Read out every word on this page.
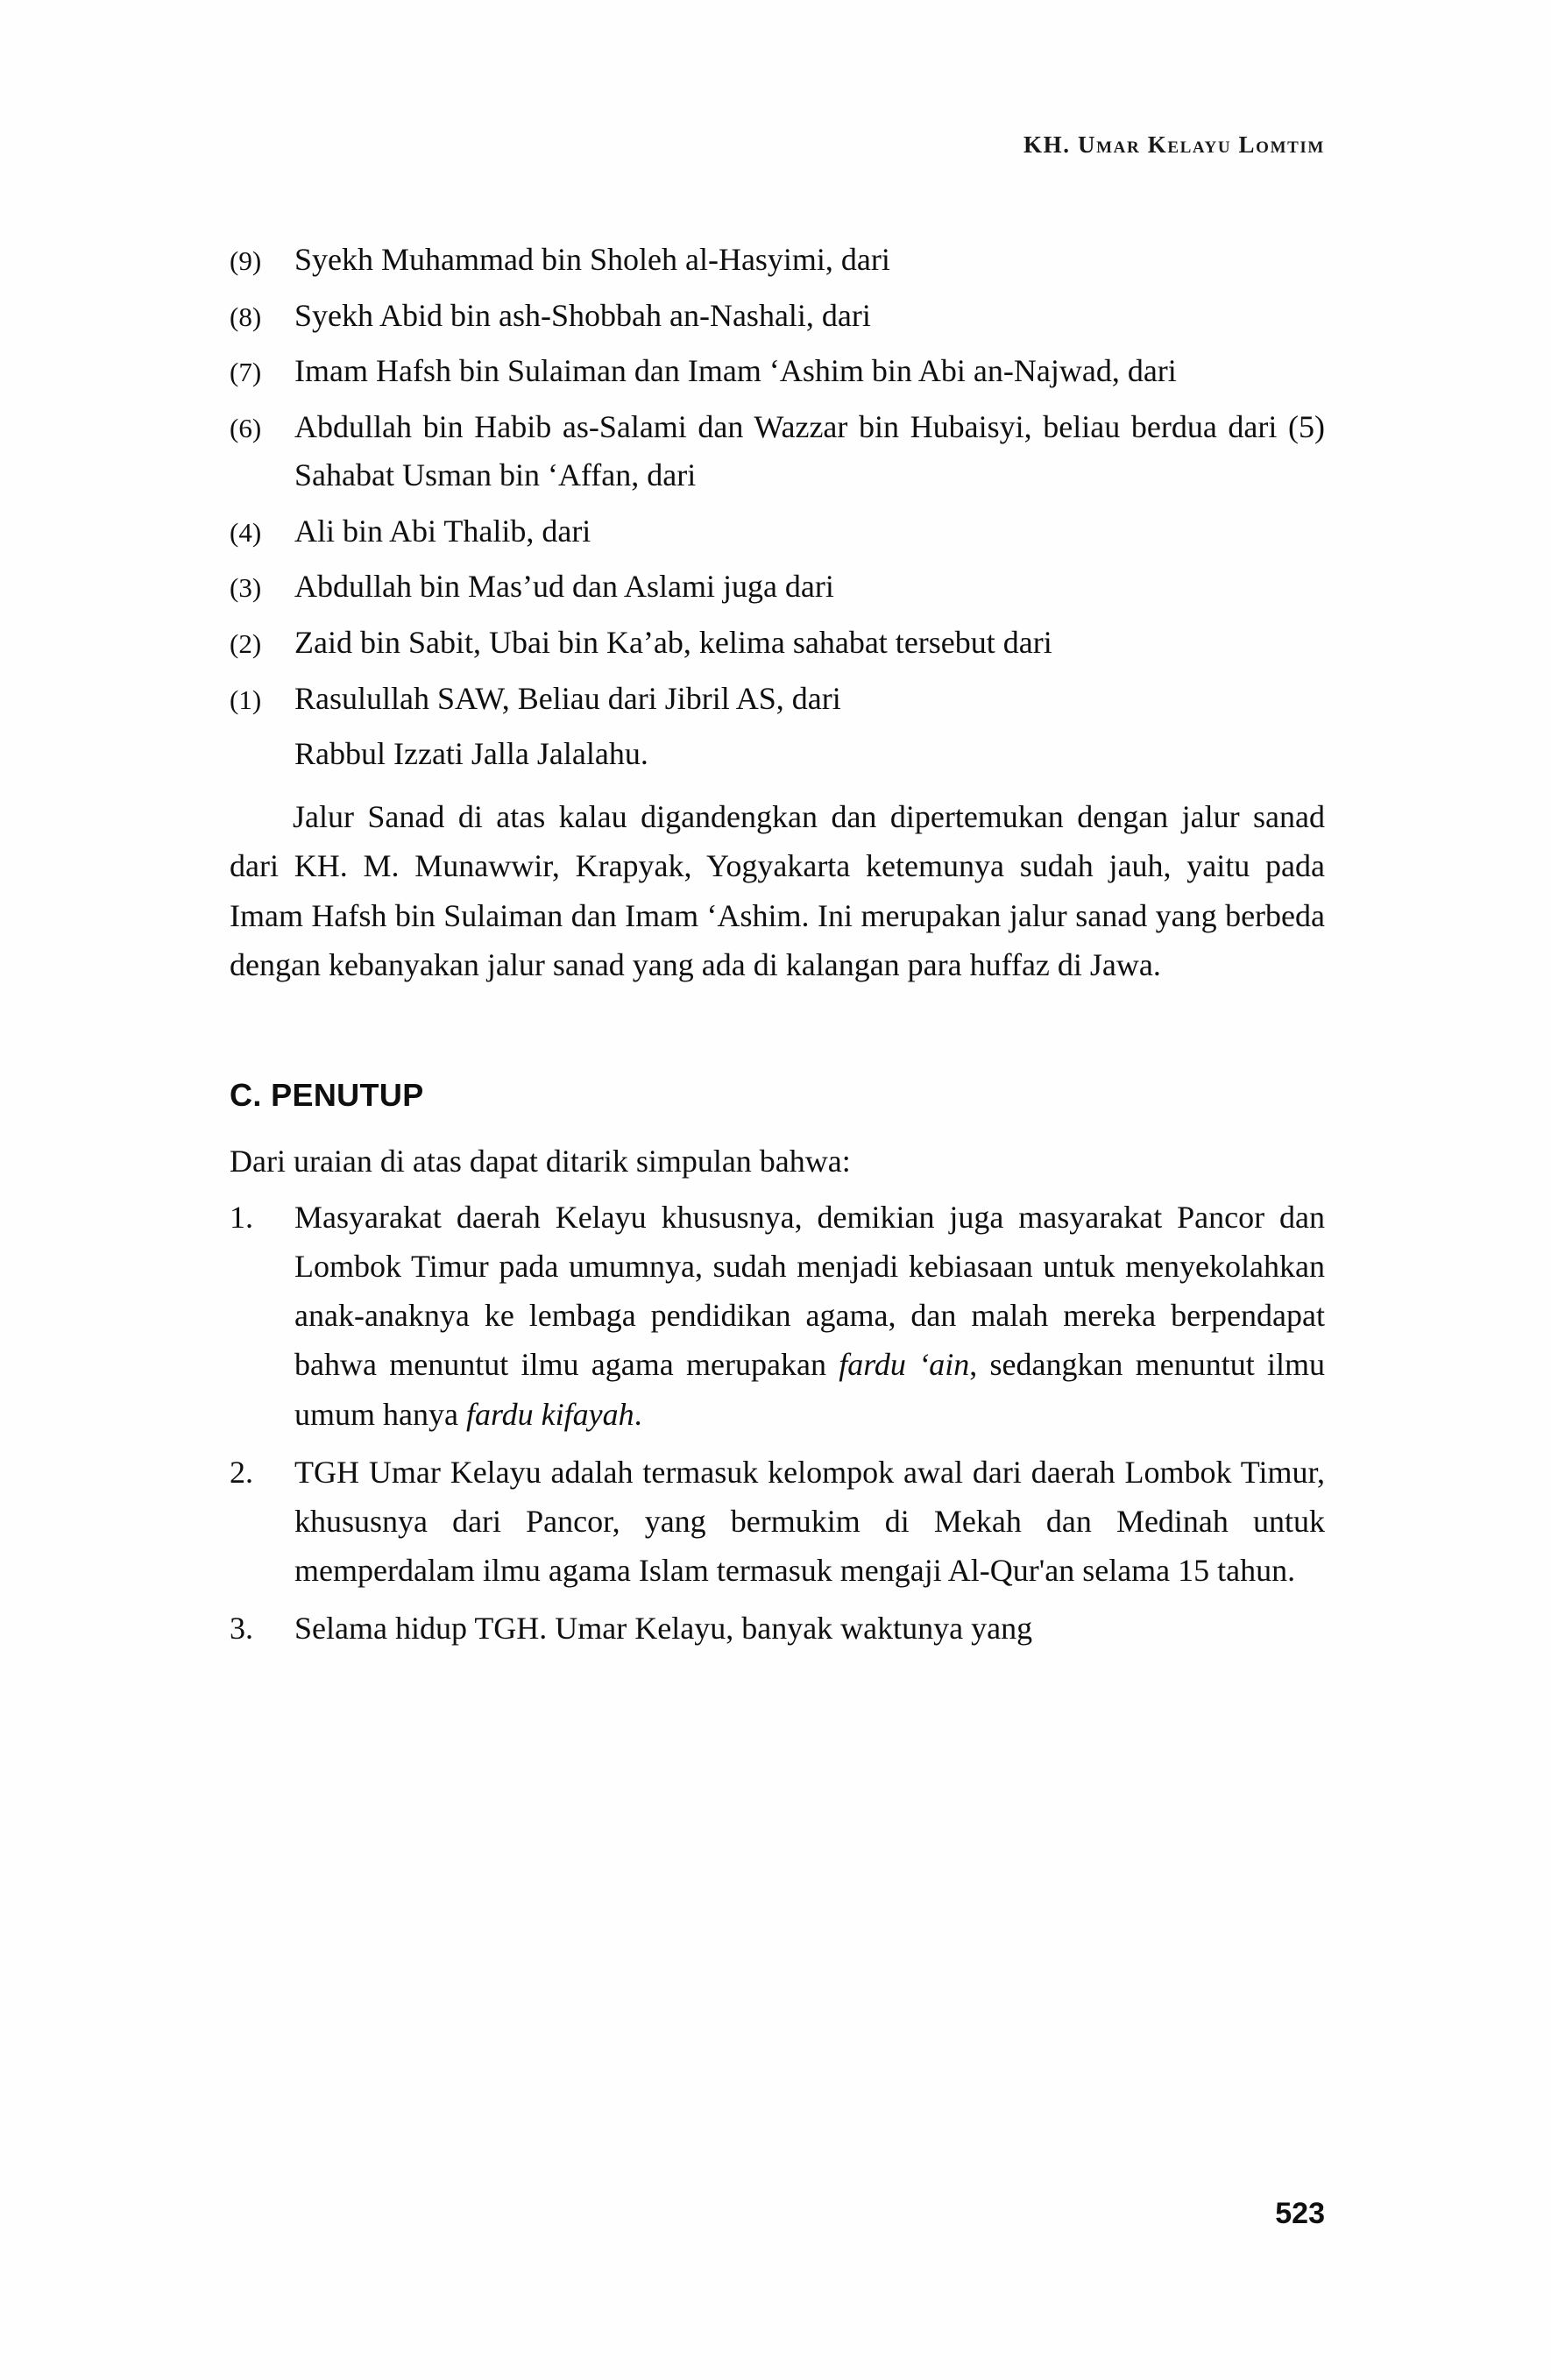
KH. Umar Kelayu Lomtim
(9)	Syekh Muhammad bin Sholeh al-Hasyimi, dari
(8)	Syekh Abid bin ash-Shobbah an-Nashali, dari
(7)	Imam Hafsh bin Sulaiman dan Imam ‘Ashim bin Abi an-Najwad, dari
(6)	Abdullah bin Habib as-Salami dan Wazzar bin Hubaisyi, beliau berdua dari (5) Sahabat Usman bin ‘Affan, dari
(4)	Ali bin Abi Thalib, dari
(3)	Abdullah bin Mas’ud dan Aslami juga dari
(2)	Zaid bin Sabit, Ubai bin Ka’ab, kelima sahabat tersebut dari
(1)	Rasulullah SAW, Beliau dari Jibril AS, dari
Rabbul Izzati Jalla Jalalahu.

Jalur Sanad di atas kalau digandengkan dan dipertemukan dengan jalur sanad dari KH. M. Munawwir, Krapyak, Yogyakarta ketemunya sudah jauh, yaitu pada Imam Hafsh bin Sulaiman dan Imam ‘Ashim. Ini merupakan jalur sanad yang berbeda dengan kebanyakan jalur sanad yang ada di kalangan para huffaz di Jawa.

C. PENUTUP

Dari uraian di atas dapat ditarik simpulan bahwa:

1.	Masyarakat daerah Kelayu khususnya, demikian juga masyarakat Pancor dan Lombok Timur pada umumnya, sudah menjadi kebiasaan untuk menyekolahkan anak-anaknya ke lembaga pendidikan agama, dan malah mereka berpendapat bahwa menuntut ilmu agama merupakan fardu ‘ain, sedangkan menuntut ilmu umum hanya fardu kifayah.
2.	TGH Umar Kelayu adalah termasuk kelompok awal dari daerah Lombok Timur, khususnya dari Pancor, yang bermukim di Mekah dan Medinah untuk memperdalam ilmu agama Islam termasuk mengaji Al-Qur'an selama 15 tahun.
3.	Selama hidup TGH. Umar Kelayu, banyak waktunya yang
523
